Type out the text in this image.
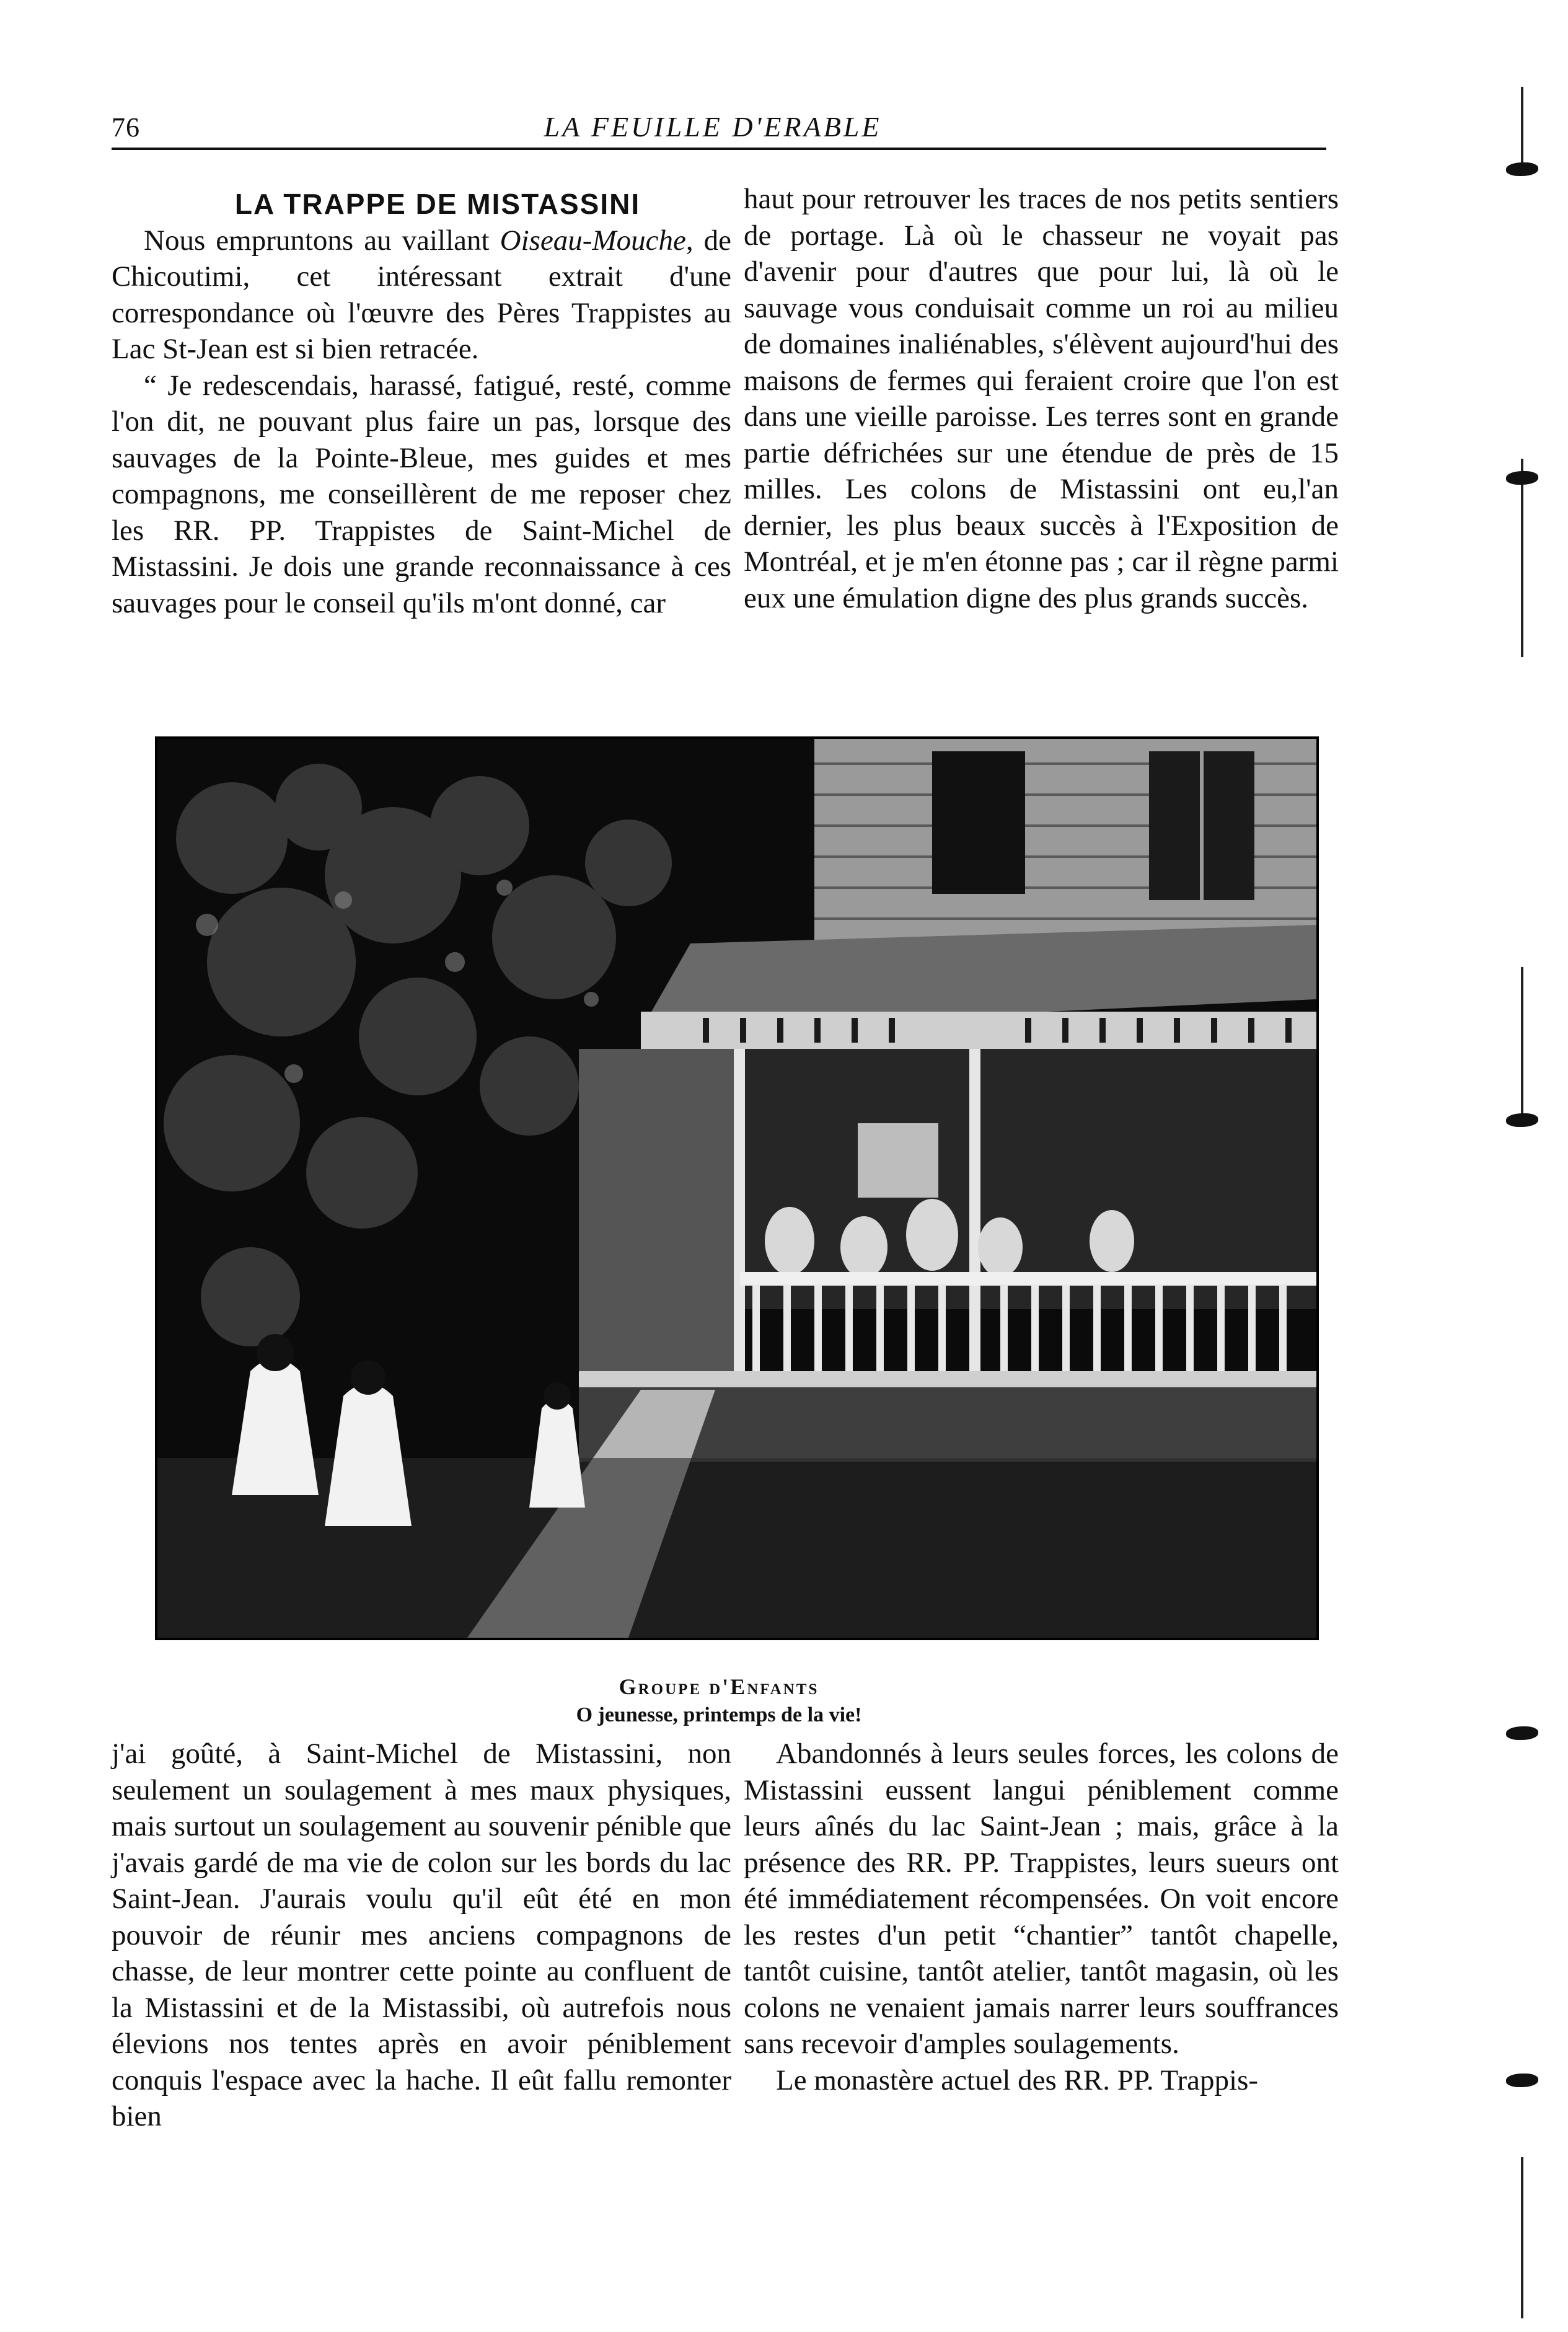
76	LA FEUILLE D'ERABLE

LA TRAPPE DE MISTASSINI

Nous empruntons au vaillant Oiseau-Mouche, de Chicoutimi, cet intéressant extrait d'une correspondance où l'œuvre des Pères Trappistes au Lac St-Jean est si bien retracée.

“ Je redescendais, harassé, fatigué, resté, comme l'on dit, ne pouvant plus faire un pas, lorsque des sauvages de la Pointe-Bleue, mes guides et mes compagnons, me conseillèrent de me reposer chez les RR. PP. Trappistes de Saint-Michel de Mistassini. Je dois une grande reconnaissance à ces sauvages pour le conseil qu'ils m'ont donné, car

haut pour retrouver les traces de nos petits sentiers de portage. Là où le chasseur ne voyait pas d'avenir pour d'autres que pour lui, là où le sauvage vous conduisait comme un roi au milieu de domaines inaliénables, s'élèvent aujourd'hui des maisons de fermes qui feraient croire que l'on est dans une vieille paroisse. Les terres sont en grande partie défrichées sur une étendue de près de 15 milles. Les colons de Mistassini ont eu,l'an dernier, les plus beaux succès à l'Exposition de Montréal, et je m'en étonne pas ; car il règne parmi eux une émulation digne des plus grands succès.

Groupe d'Enfants
O jeunesse, printemps de la vie!

j'ai goûté, à Saint-Michel de Mistassini, non seulement un soulagement à mes maux physiques, mais surtout un soulagement au souvenir pénible que j'avais gardé de ma vie de colon sur les bords du lac Saint-Jean. J'aurais voulu qu'il eût été en mon pouvoir de réunir mes anciens compagnons de chasse, de leur montrer cette pointe au confluent de la Mistassini et de la Mistassibi, où autrefois nous élevions nos tentes après en avoir péniblement conquis l'espace avec la hache. Il eût fallu remonter bien

Abandonnés à leurs seules forces, les colons de Mistassini eussent langui péniblement comme leurs aînés du lac Saint-Jean ; mais, grâce à la présence des RR. PP. Trappistes, leurs sueurs ont été immédiatement récompensées. On voit encore les restes d'un petit “chantier” tantôt chapelle, tantôt cuisine, tantôt atelier, tantôt magasin, où les colons ne venaient jamais narrer leurs souffrances sans recevoir d'amples soulagements.

Le monastère actuel des RR. PP. Trappis-
